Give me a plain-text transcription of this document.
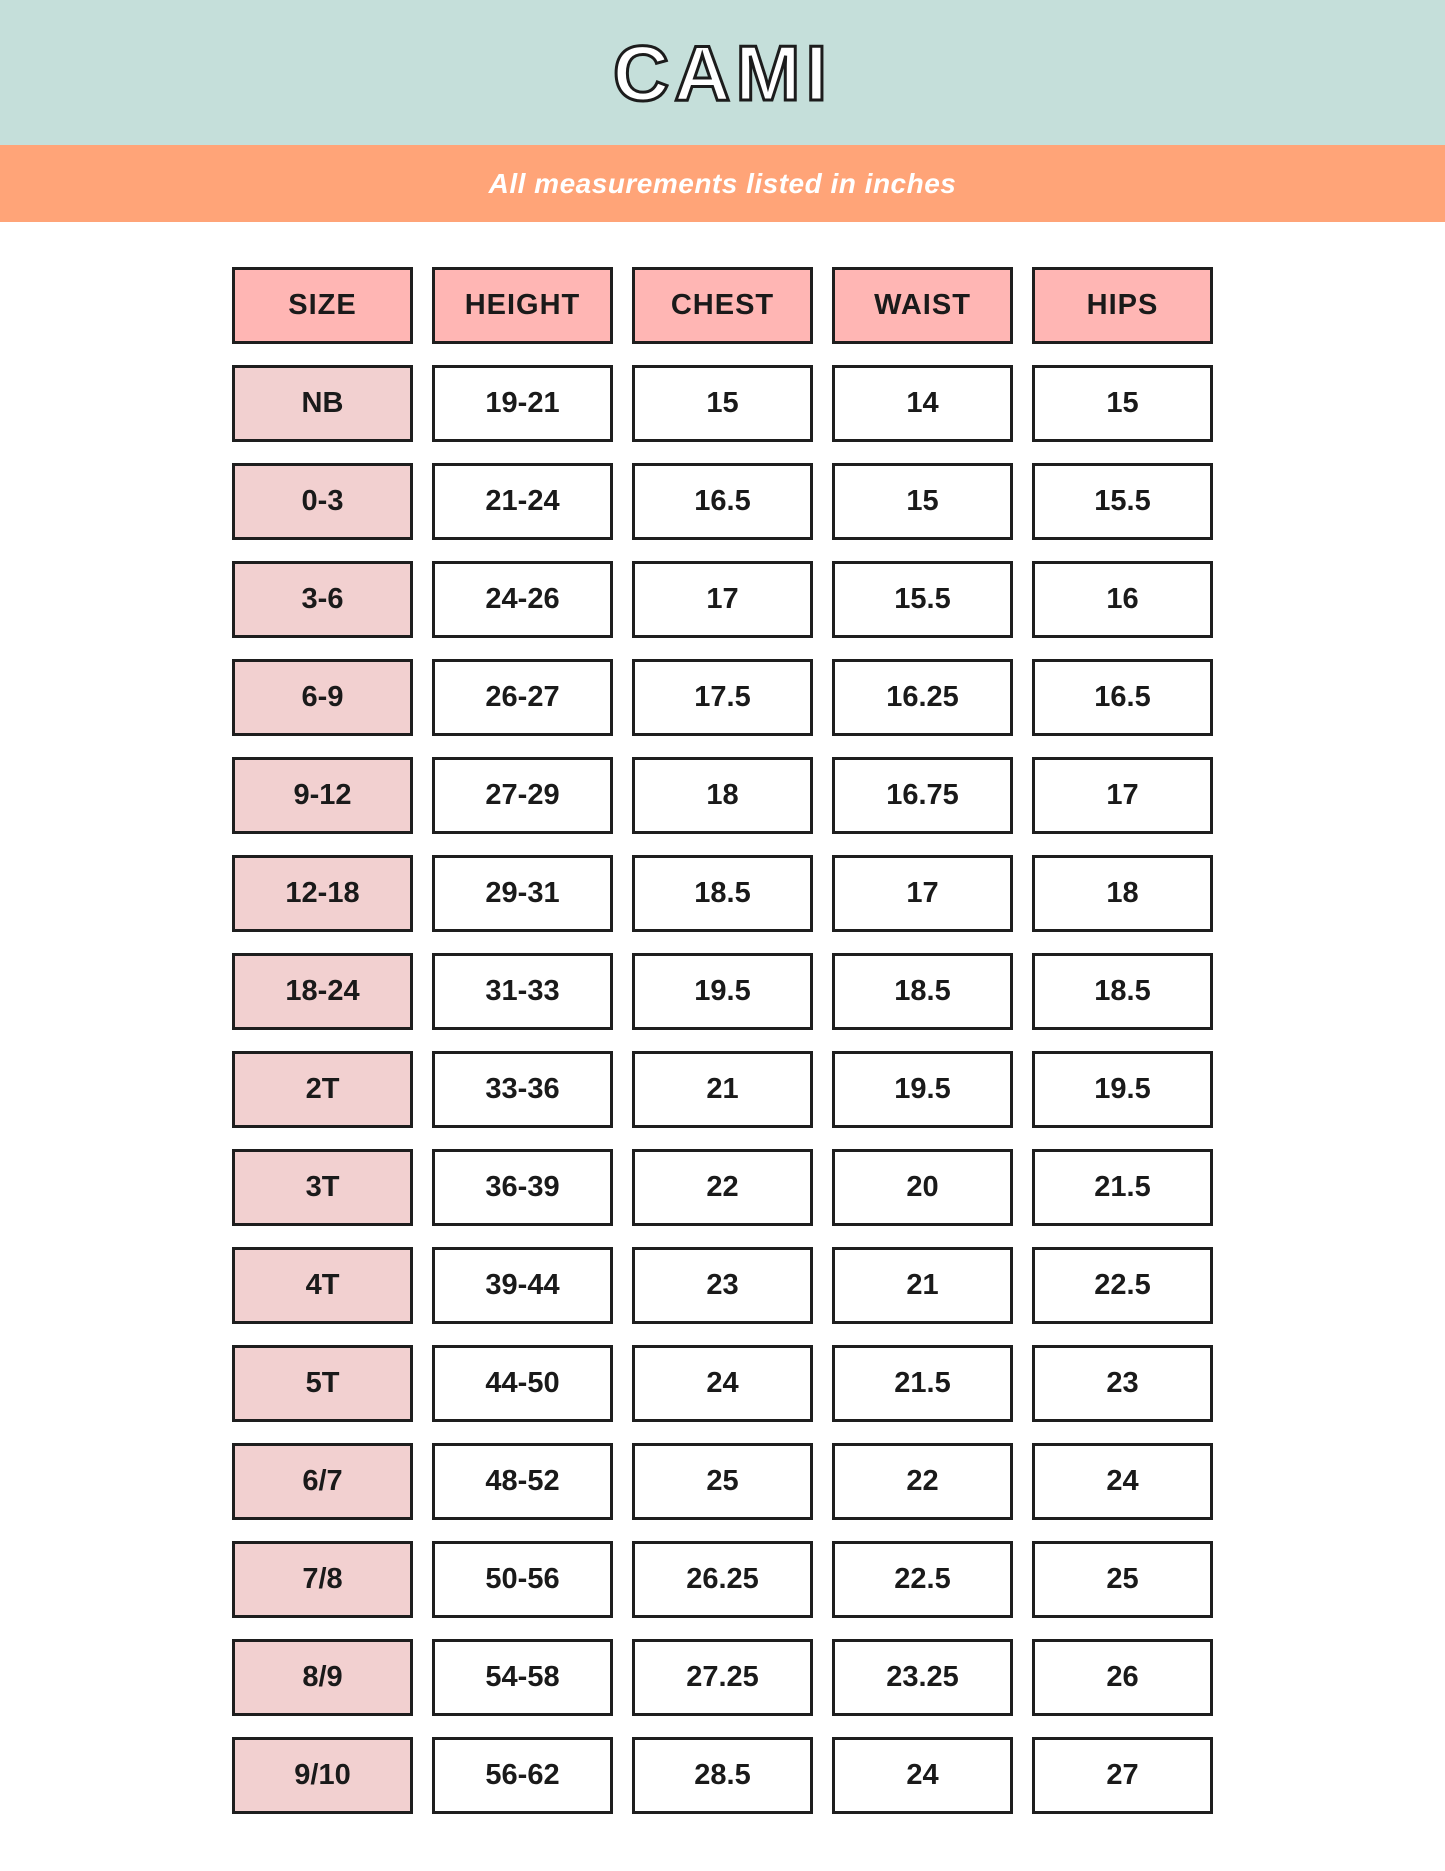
CAMI
All measurements listed in inches
SIZE	HEIGHT	CHEST	WAIST	HIPS
NB	19-21	15	14	15
0-3	21-24	16.5	15	15.5
3-6	24-26	17	15.5	16
6-9	26-27	17.5	16.25	16.5
9-12	27-29	18	16.75	17
12-18	29-31	18.5	17	18
18-24	31-33	19.5	18.5	18.5
2T	33-36	21	19.5	19.5
3T	36-39	22	20	21.5
4T	39-44	23	21	22.5
5T	44-50	24	21.5	23
6/7	48-52	25	22	24
7/8	50-56	26.25	22.5	25
8/9	54-58	27.25	23.25	26
9/10	56-62	28.5	24	27
